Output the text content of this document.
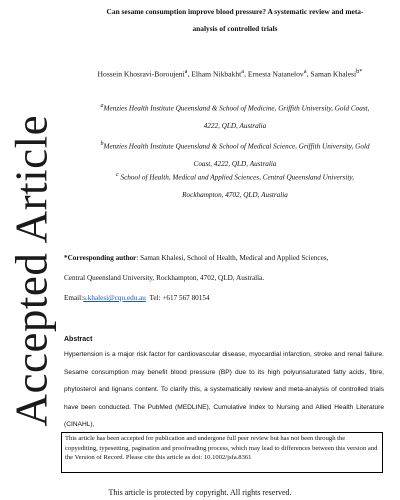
Accepted Article
Can sesame consumption improve blood pressure? A systematic review and meta-
analysis of controlled trials
Hossein Khosravi-Boroujeni$^a$, Elham Nikbakht$^a$, Ernesta Natanelov$^a$, Saman Khalesi$^{b*}$
$^a$Menzies Health Institute Queensland & School of Medicine, Griffith University, Gold Coast,
4222, QLD, Australia
$^b$Menzies Health Institute Queensland & School of Medical Science, Griffith University, Gold
Coast, 4222, QLD, Australia
$^c$ School of Health, Medical and Applied Sciences, Central Queensland University,
Rockhampton, 4702, QLD, Australia
*Corresponding author: Saman Khalesi, School of Health, Medical and Applied Sciences,
Central Queensland University, Rockhampton, 4702, QLD, Australia.
Email:s.khalesi@cqu.edu.au Tel: +617 567 80154
Abstract
Hypertension is a major risk factor for cardiovascular disease, myocardial infarction, stroke and renal failure. Sesame consumption may benefit blood pressure (BP) due to its high polyunsaturated fatty acids, fibre, phytosterol and lignans content. To clarify this, a systematically review and meta-analysis of controlled trials have been conducted. The PubMed (MEDLINE), Cumulative Index to Nursing and Allied Health Literature (CINAHL),
This article has been accepted for publication and undergone full peer review but has not been through the copyediting, typesetting, pagination and proofreading process, which may lead to differences between this version and the Version of Record. Please cite this article as doi: 10.1002/jsfa.8361
This article is protected by copyright. All rights reserved.
